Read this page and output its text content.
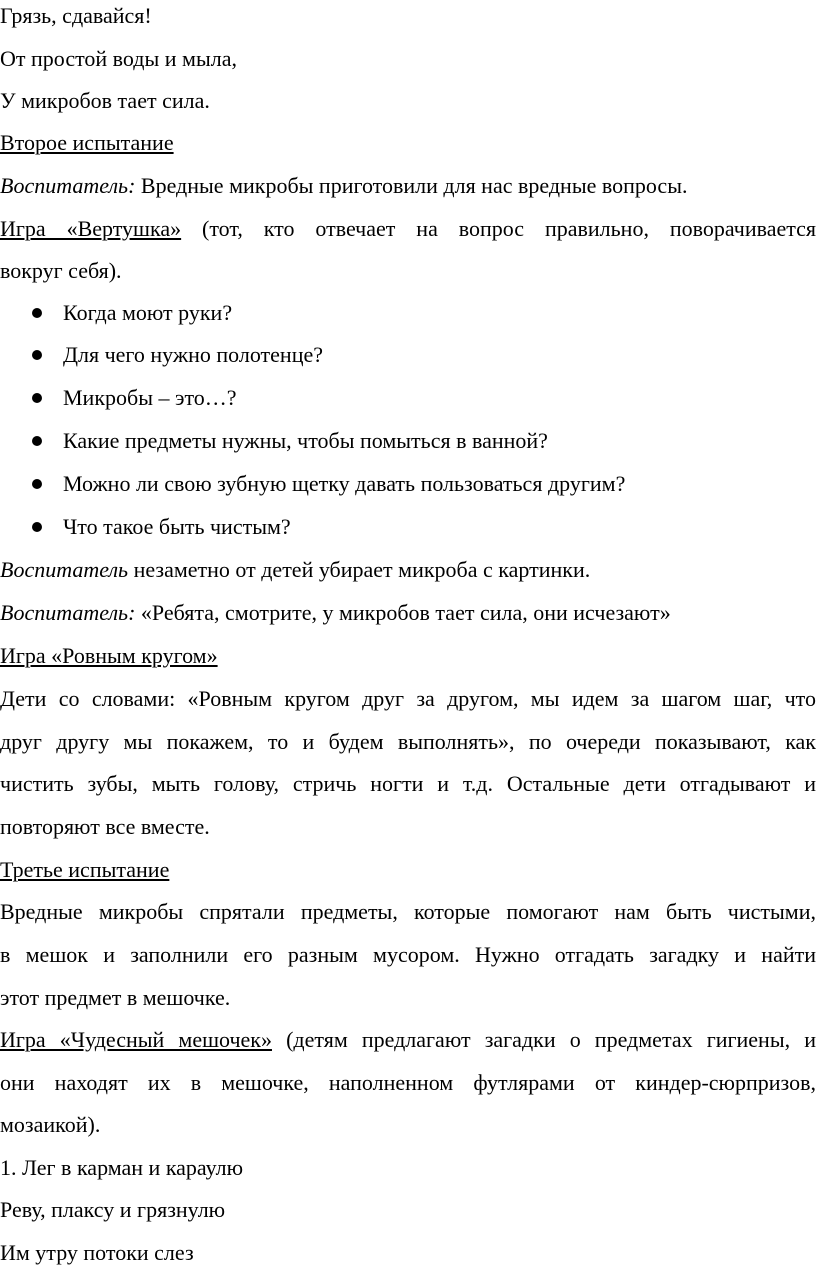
Грязь, сдавайся!
От простой воды и мыла,
У микробов тает сила.
Второе испытание
Воспитатель: Вредные микробы приготовили для нас вредные вопросы.
Игра «Вертушка» (тот, кто отвечает на вопрос правильно, поворачивается
вокруг себя).
Когда моют руки?
Для чего нужно полотенце?
Микробы – это…?
Какие предметы нужны, чтобы помыться в ванной?
Можно ли свою зубную щетку давать пользоваться другим?
Что такое быть чистым?
Воспитатель незаметно от детей убирает микроба с картинки.
Воспитатель: «Ребята, смотрите, у микробов тает сила, они исчезают»
Игра «Ровным кругом»
Дети со словами: «Ровным кругом друг за другом, мы идем за шагом шаг, что
друг другу мы покажем, то и будем выполнять», по очереди показывают, как
чистить зубы, мыть голову, стричь ногти и т.д. Остальные дети отгадывают и
повторяют все вместе.
Третье испытание
Вредные микробы спрятали предметы, которые помогают нам быть чистыми,
в мешок и заполнили его разным мусором. Нужно отгадать загадку и найти
этот предмет в мешочке.
Игра «Чудесный мешочек» (детям предлагают загадки о предметах гигиены, и
они находят их в мешочке, наполненном футлярами от киндер-сюрпризов,
мозаикой).
1. Лег в карман и караулю
Реву, плаксу и грязнулю
Им утру потоки слез
